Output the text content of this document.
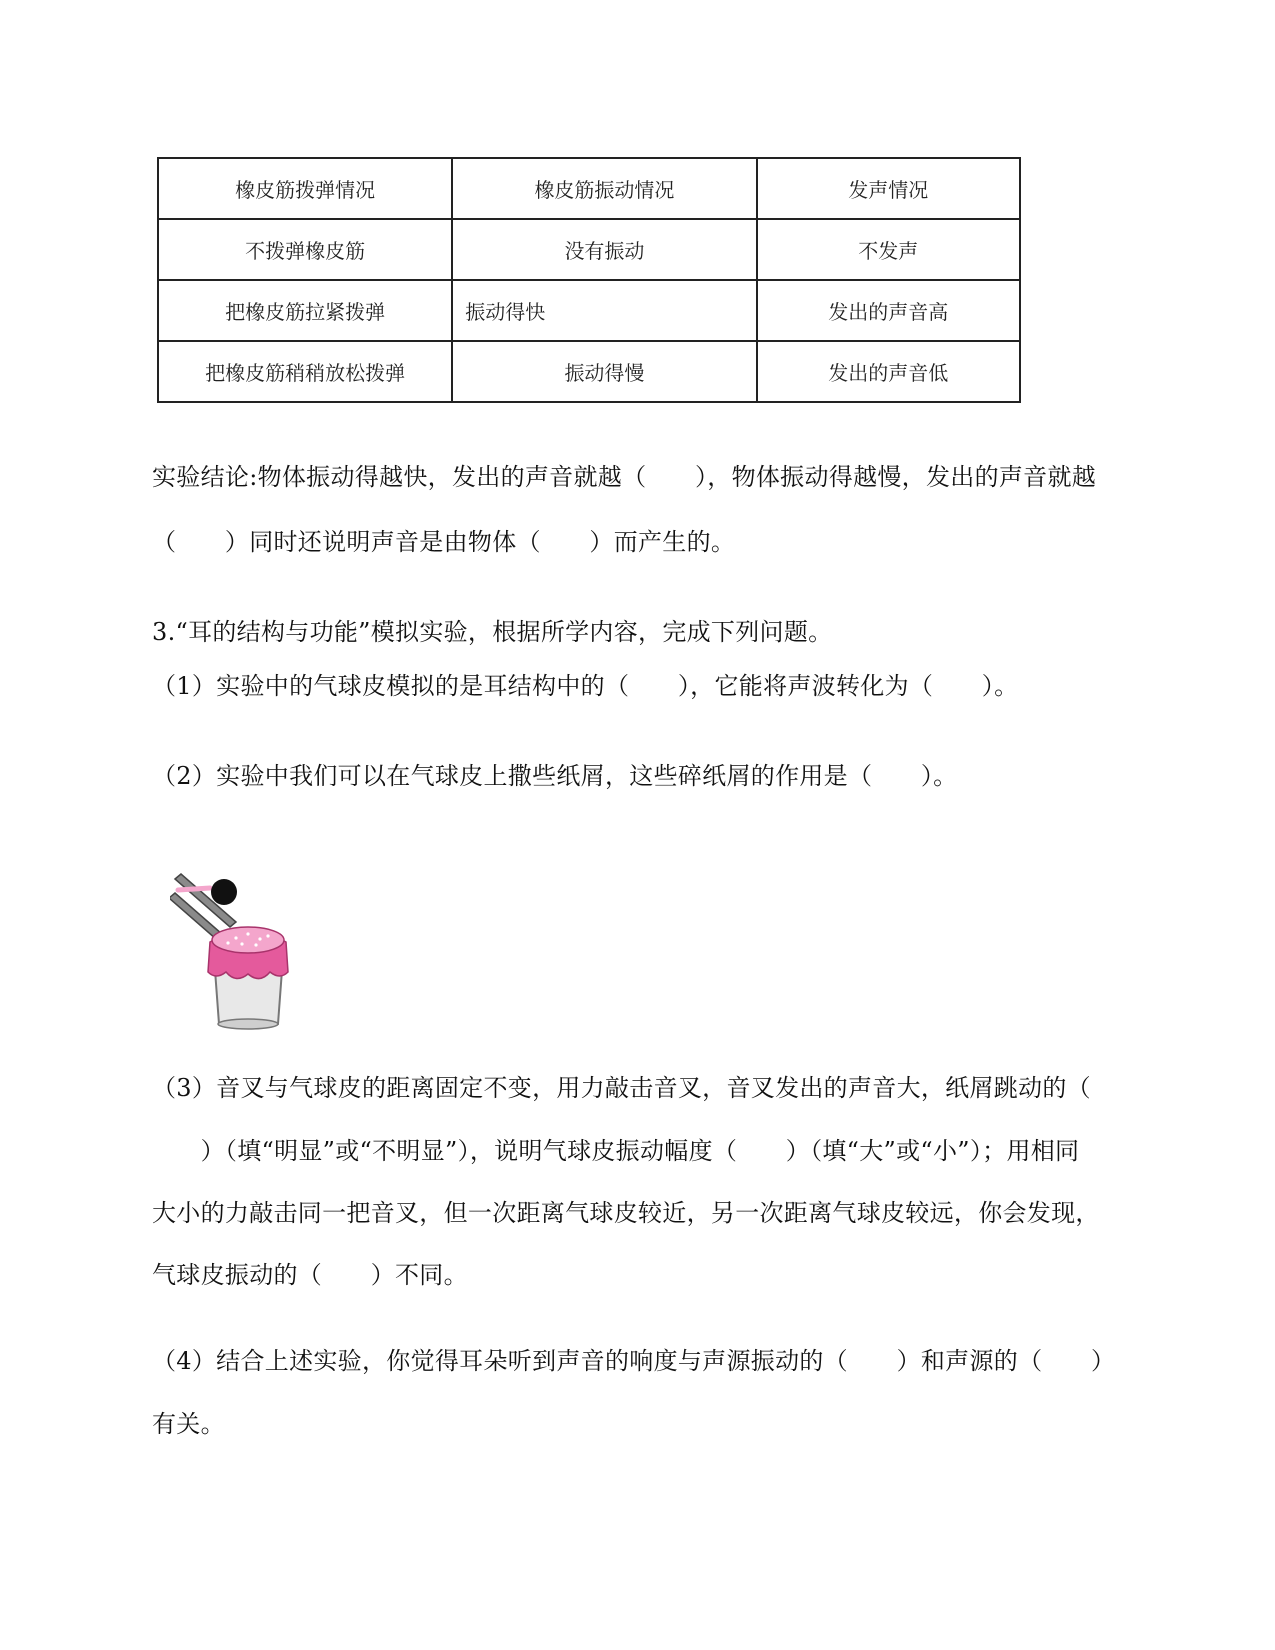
橡皮筋拨弹情况	橡皮筋振动情况	发声情况
不拨弹橡皮筋	没有振动	不发声
把橡皮筋拉紧拨弹	振动得快	发出的声音高
把橡皮筋稍稍放松拨弹	振动得慢	发出的声音低
实验结论:物体振动得越快，发出的声音就越（　　），物体振动得越慢，发出的声音就越
（　　）同时还说明声音是由物体（　　）而产生的。
3.“耳的结构与功能”模拟实验，根据所学内容，完成下列问题。
（1）实验中的气球皮模拟的是耳结构中的（　　），它能将声波转化为（　　）。
（2）实验中我们可以在气球皮上撒些纸屑，这些碎纸屑的作用是（　　）。
（3）音叉与气球皮的距离固定不变，用力敲击音叉，音叉发出的声音大，纸屑跳动的（
　　）（填“明显”或“不明显”），说明气球皮振动幅度（　　）（填“大”或“小”）；用相同
大小的力敲击同一把音叉，但一次距离气球皮较近，另一次距离气球皮较远，你会发现，
气球皮振动的（　　）不同。
（4）结合上述实验，你觉得耳朵听到声音的响度与声源振动的（　　）和声源的（　　）
有关。
